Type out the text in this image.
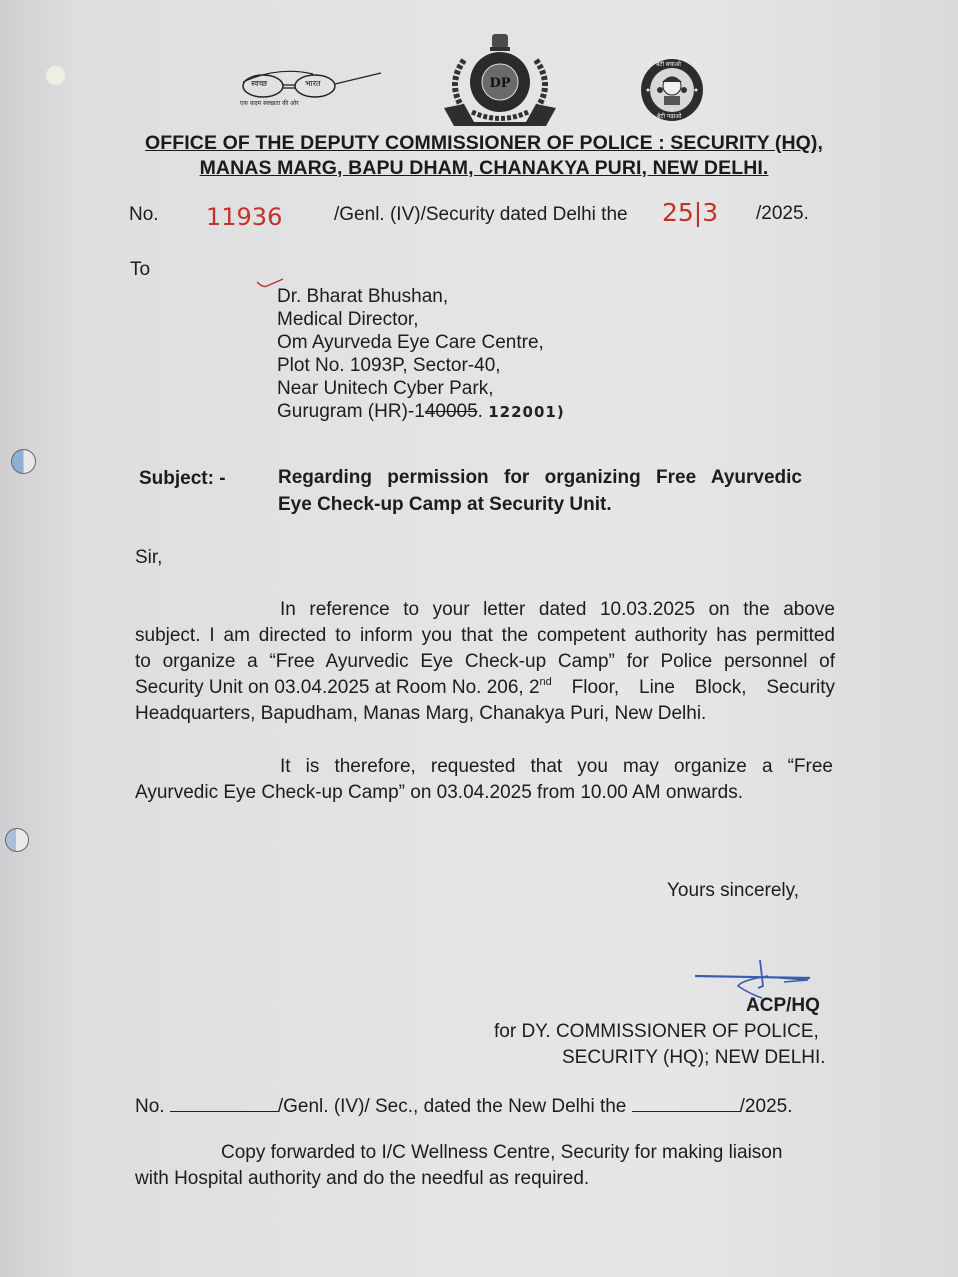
स्वच्छ	भारत
एक कदम स्वच्छता की ओर
DP
बेटी बचाओ
बेटी पढ़ाओ
OFFICE OF THE DEPUTY COMMISSIONER OF POLICE : SECURITY (HQ),
MANAS MARG, BAPU DHAM, CHANAKYA PURI, NEW DELHI.
No. 11936	/Genl. (IV)/Security dated Delhi the 25|3 /2025.
To
Dr. Bharat Bhushan,
Medical Director,
Om Ayurveda Eye Care Centre,
Plot No. 1093P, Sector-40,
Near Unitech Cyber Park,
Gurugram (HR)-140005. 122001)
Subject: -	Regarding permission for organizing Free Ayurvedic
Eye Check-up Camp at Security Unit.
Sir,
In reference to your letter dated 10.03.2025 on the above
subject. I am directed to inform you that the competent authority has permitted
to organize a “Free Ayurvedic Eye Check-up Camp” for Police personnel of
Security Unit on 03.04.2025 at Room No. 206, 2 nd Floor, Line Block, Security
Headquarters, Bapudham, Manas Marg, Chanakya Puri, New Delhi.
It is therefore, requested that you may organize a “Free
Ayurvedic Eye Check-up Camp” on 03.04.2025 from 10.00 AM onwards.
Yours sincerely,
ACP/HQ
for DY. COMMISSIONER OF POLICE,
SECURITY (HQ); NEW DELHI.
No.	/Genl. (IV)/ Sec., dated the New Delhi the	/2025.
Copy forwarded to I/C Wellness Centre, Security for making liaison
with Hospital authority and do the needful as required.
